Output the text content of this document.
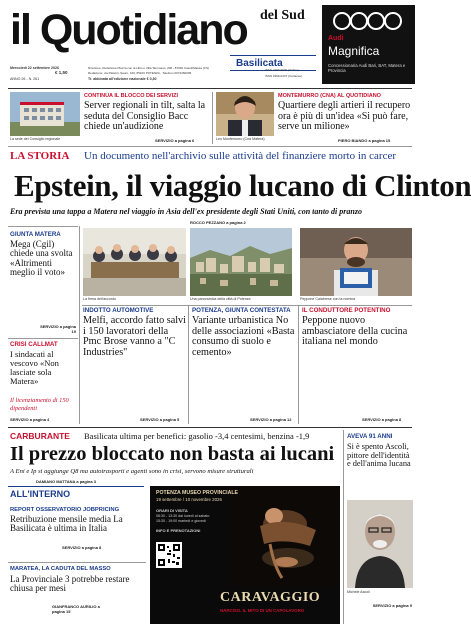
il Quotidiano del Sud
Basilicata
Mercoledì 22 settembre 2026
€ 1,50
ANNO 26 - N. 261
Direzione, Redazione Plazza con la Liblo e Villa Tammano, 200 - 87030 Casoli/Massa (CS)
Redazione: via Palazzo Sauro, 100, 85100 POTENZA - Telefono 0974460009
Tr. abbinata all'edizione nazionale € 0,30
ISSN 2499-0000 (Online)
ISSN 2499-0447 (Cartaceo)
Audi
Magnifica
Concessionaria Audi Bari, BAT, Matera e Provincia
La sede del Consiglio regionale
CONTINUA IL BLOCCO DEI SERVIZI
Server regionali in tilt, salta la seduta del Consiglio Bacc chiede un'audizione
SERVIZIO a pagina 6	Leo Montemurro (Cna Matera)
MONTEMURRO (CNA) AL QUOTIDIANO
Quartiere degli artieri il recupero ora è più di un'idea «Si può fare, serve un milione»
PIERO BIANDO a pagina 15
LA STORIA Un documento nell'archivio sulle attività del finanziere morto in carcer
Epstein, il viaggio lucano di Clinton
Era prevista una tappa a Matera nel viaggio in Asia dell'ex presidente degli Stati Uniti, con tanto di pranzo
ROCCO PEZZANO a pagina 2
GIUNTA MATERA
Mega (Cgil) chiede una svolta «Altrimenti meglio il voto»
SERVIZIO a pagina 19
CRISI CALLMAT
I sindacati al vescovo «Non lasciate sola Matera»
Il licenziamento di 150 dipendenti
SERVIZIO a pagina 4
La firma dell'accordo	Una panoramica della città di Potenza	Peppone Calabrese con la nomina
INDOTTO AUTOMOTIVE
Melfi, accordo fatto salvi i 150 lavoratori della Pmc Brose vanno a "C Industries"
SERVIZIO a pagina 5
POTENZA, GIUNTA CONTESTATA
Variante urbanistica No delle associazioni «Basta consumo di suolo e cemento»
SERVIZIO a pagina 12
IL CONDUTTORE POTENTINO
Peppone nuovo ambasciatore della cucina italiana nel mondo
SERVIZIO a pagina 8
CARBURANTE Basilicata ultima per benefici: gasolio -3,4 centesimi, benzina -1,9
Il prezzo bloccato non basta ai lucani
A Eni e Ip si aggiunge Q8 ma autotrasporti e agenti sono in crisi, servono misure strutturali
DAMIANO MATTANA a pagina 3
ALL'INTERNO
REPORT OSSERVATORIO JOBPRICING
Retribuzione mensile media La Basilicata è ultima in Italia
SERVIZIO a pagina 8
MARATEA, LA CADUTA DEL MASSO
La Provinciale 3 potrebbe restare chiusa per mesi
GIANFRANCO AURILIO a pagina 15
POTENZA MUSEO PROVINCIALE
19 settembre / 10 novembre 2026
ORARI DI VISITA
08:30 - 13:30 dal lunedì al sabato
15:30 - 19:00 martedì e giovedì
INFO E PRENOTAZIONI
CARAVAGGIO
NARCISO. IL MITO DI UN CAPOLAVORO
AVEVA 91 ANNI
Si è spento Ascoli, pittore dell'identità e dell'anima lucana
Michele Ascoli
SERVIZIO a pagina 9
